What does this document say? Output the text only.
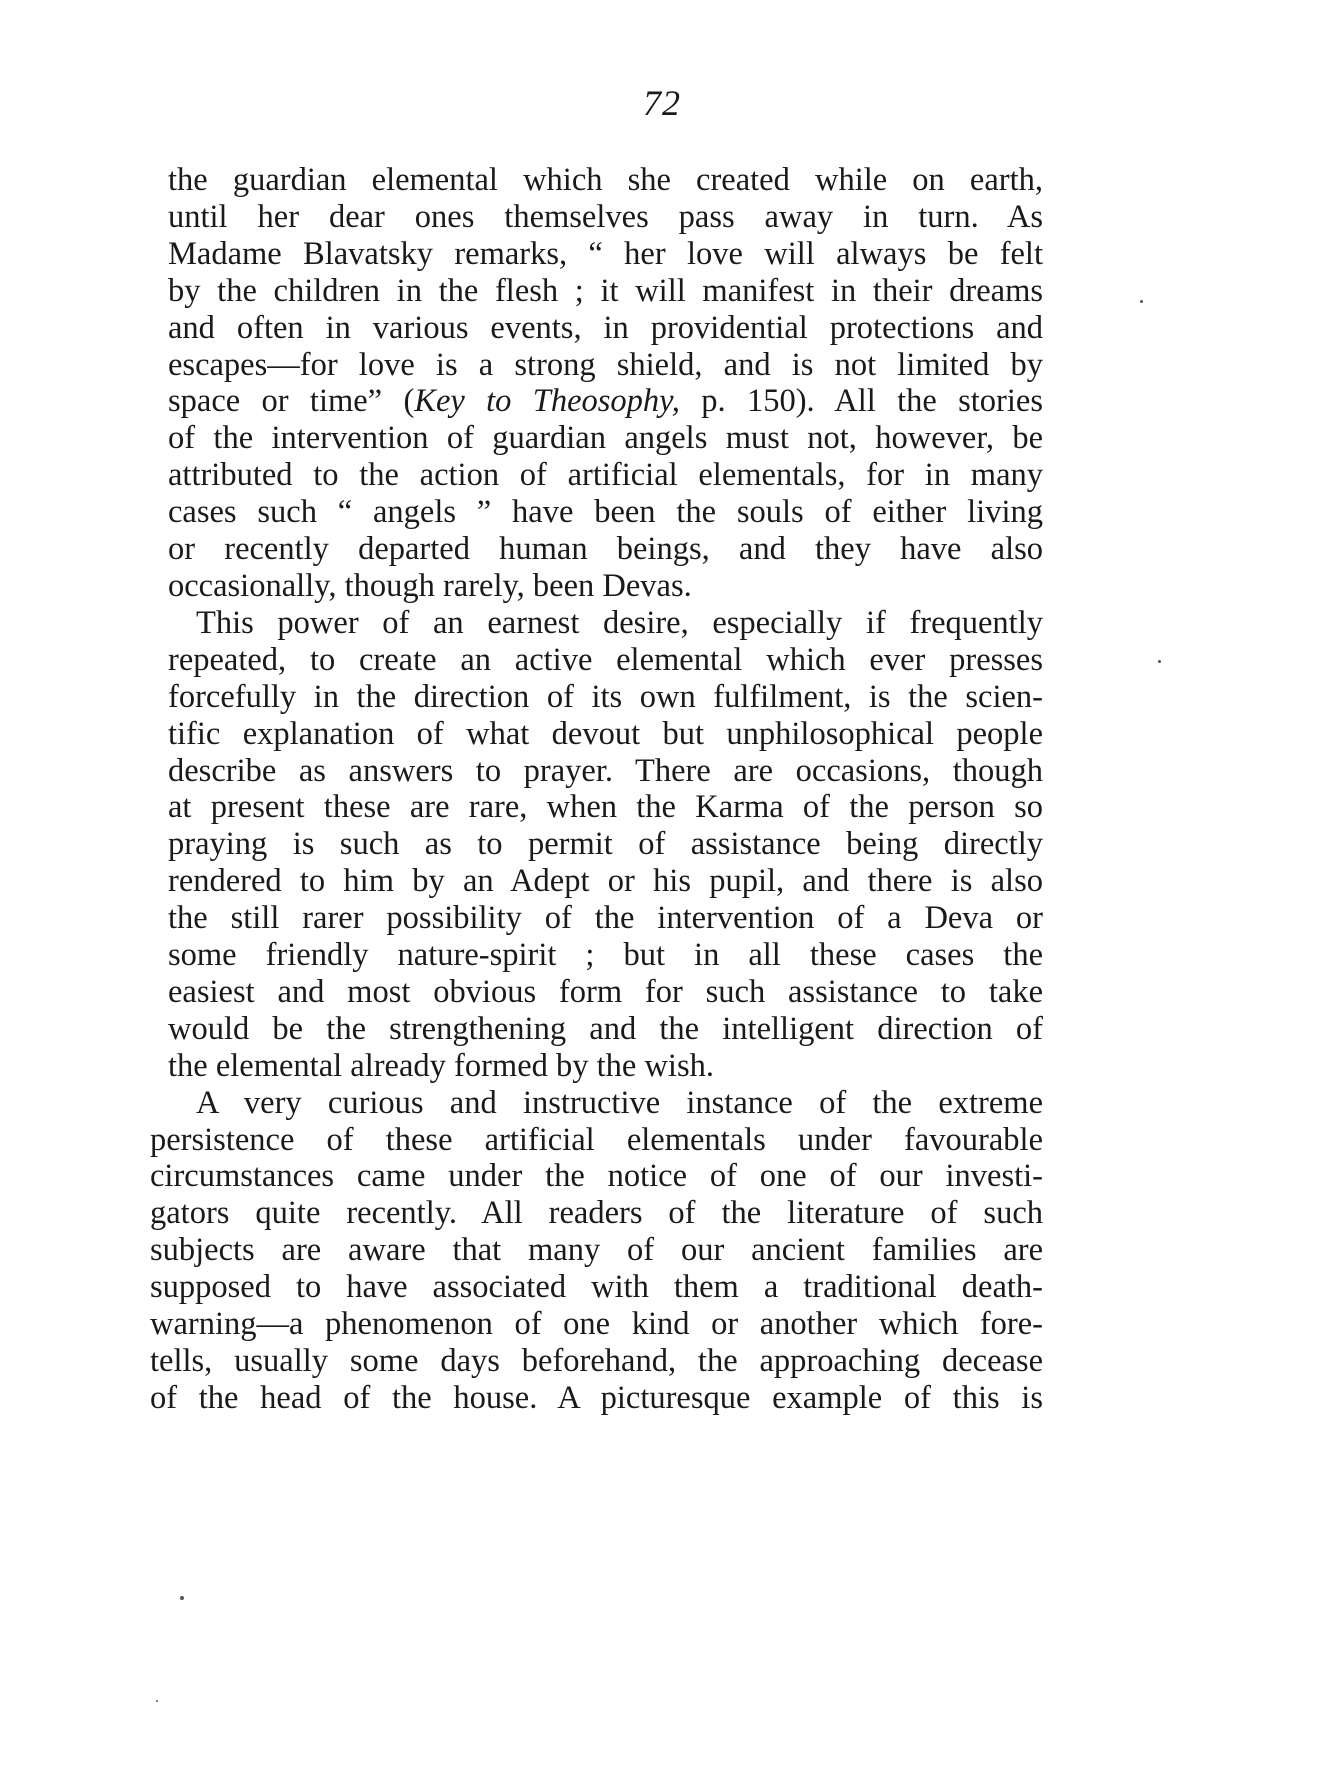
72
the guardian elemental which she created while on earth,
until her dear ones themselves pass away in turn. As
Madame Blavatsky remarks, “ her love will always be felt
by the children in the flesh ; it will manifest in their dreams
and often in various events, in providential protections and
escapes—for love is a strong shield, and is not limited by
space or time” (Key to Theosophy, p. 150). All the stories
of the intervention of guardian angels must not, however, be
attributed to the action of artificial elementals, for in many
cases such “ angels ” have been the souls of either living
or recently departed human beings, and they have also
occasionally, though rarely, been Devas.
This power of an earnest desire, especially if frequently
repeated, to create an active elemental which ever presses
forcefully in the direction of its own fulfilment, is the scien-
tific explanation of what devout but unphilosophical people
describe as answers to prayer. There are occasions, though
at present these are rare, when the Karma of the person so
praying is such as to permit of assistance being directly
rendered to him by an Adept or his pupil, and there is also
the still rarer possibility of the intervention of a Deva or
some friendly nature-spirit ; but in all these cases the
easiest and most obvious form for such assistance to take
would be the strengthening and the intelligent direction of
the elemental already formed by the wish.
A very curious and instructive instance of the extreme
persistence of these artificial elementals under favourable
circumstances came under the notice of one of our investi-
gators quite recently. All readers of the literature of such
subjects are aware that many of our ancient families are
supposed to have associated with them a traditional death-
warning—a phenomenon of one kind or another which fore-
tells, usually some days beforehand, the approaching decease
of the head of the house. A picturesque example of this is
